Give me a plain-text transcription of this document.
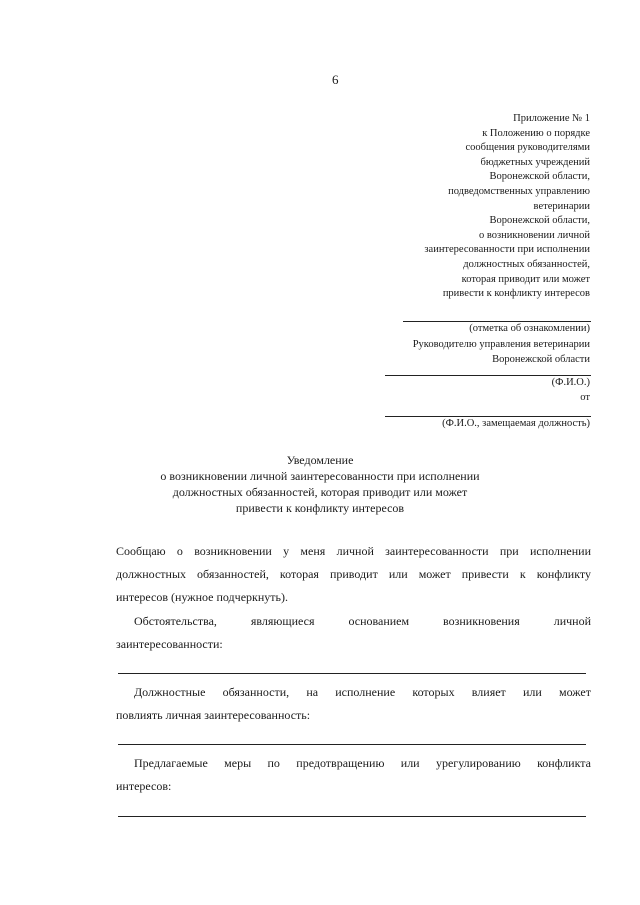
6
Приложение № 1
к Положению о порядке
сообщения руководителями
бюджетных учреждений
Воронежской области,
подведомственных управлению
ветеринарии
Воронежской области,
о возникновении личной
заинтересованности при исполнении
должностных обязанностей,
которая приводит или может
привести к конфликту интересов
(отметка об ознакомлении)
Руководителю управления ветеринарии
Воронежской области
(Ф.И.О.)
от
(Ф.И.О., замещаемая должность)
Уведомление
о возникновении личной заинтересованности при исполнении
должностных обязанностей, которая приводит или может
привести к конфликту интересов
Сообщаю о возникновении у меня личной заинтересованности при исполнении
должностных обязанностей, которая приводит или может привести к конфликту
интересов (нужное подчеркнуть).
Обстоятельства, являющиеся основанием возникновения личной
заинтересованности:
Должностные обязанности, на исполнение которых влияет или может
повлиять личная заинтересованность:
Предлагаемые меры по предотвращению или урегулированию конфликта
интересов:
